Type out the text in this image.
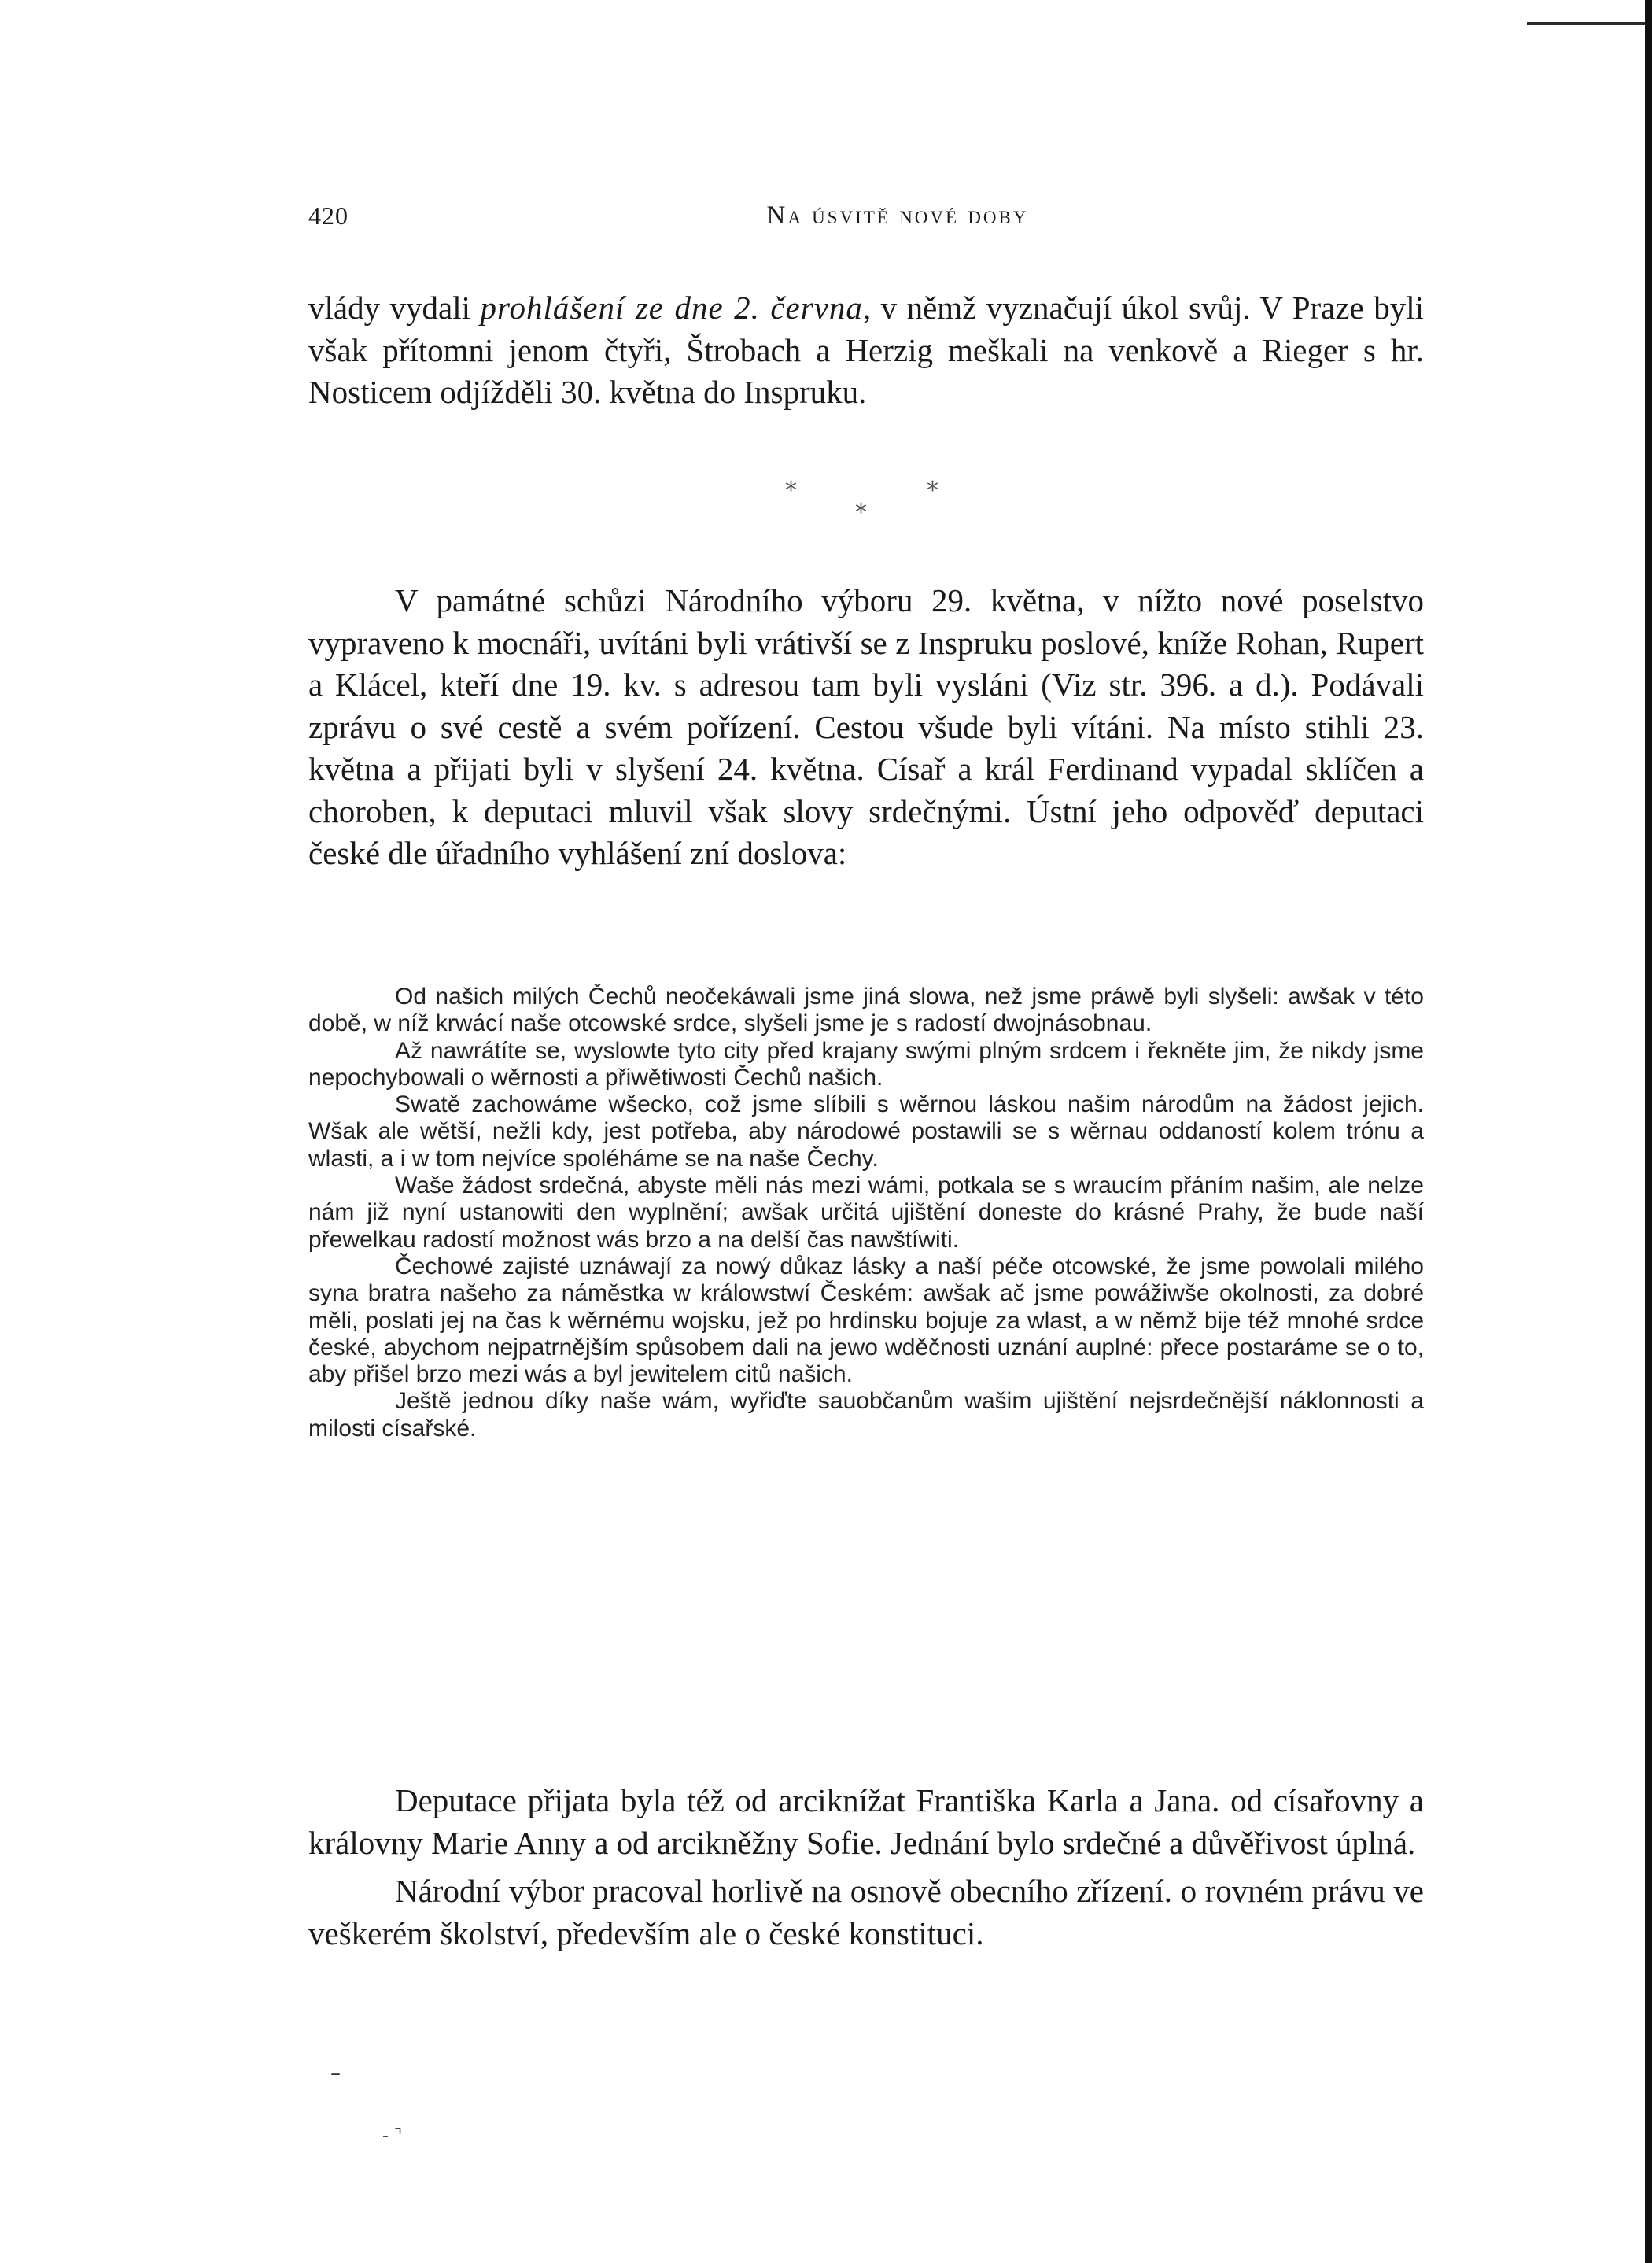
420	Na úsvitě nové doby

vlády vydali prohlášení ze dne 2. června, v němž vyznačují úkol svůj. V Praze byli však přítomni jenom čtyři, Štrobach a Herzig meškali na venkově a Rieger s hr. Nosticem odjížděli 30. května do Inspruku.

*	*
*

V památné schůzi Národního výboru 29. května, v nížto nové poselstvo vypraveno k mocnáři, uvítáni byli vrátivší se z Inspruku poslové, kníže Rohan, Rupert a Klácel, kteří dne 19. kv. s adresou tam byli vysláni (Viz str. 396. a d.). Podávali zprávu o své cestě a svém pořízení. Cestou všude byli vítáni. Na místo stihli 23. května a přijati byli v slyšení 24. května. Císař a král Ferdinand vypadal sklíčen a choroben, k deputaci mluvil však slovy srdečnými. Ústní jeho odpověď deputaci české dle úřadního vyhlášení zní doslova:

Od našich milých Čechů neočekáwali jsme jiná slowa, než jsme práwě byli slyšeli: awšak v této době, w níž krwácí naše otcowské srdce, slyšeli jsme je s radostí dwojnásobnau.

Až nawrátíte se, wyslowte tyto city před krajany swými plným srdcem i řekněte jim, že nikdy jsme nepochybowali o wěrnosti a přiwětiwosti Čechů našich.

Swatě zachowáme wšecko, což jsme slíbili s wěrnou láskou našim národům na žádost jejich. Wšak ale wětší, nežli kdy, jest potřeba, aby národowé postawili se s wěrnau oddaností kolem trónu a wlasti, a i w tom nejvíce spoléháme se na naše Čechy.

Waše žádost srdečná, abyste měli nás mezi wámi, potkala se s wraucím přáním našim, ale nelze nám již nyní ustanowiti den wyplnění; awšak určitá ujištění doneste do krásné Prahy, že bude naší přewelkau radostí možnost wás brzo a na delší čas nawštíwiti.

Čechowé zajisté uznáwají za nowý důkaz lásky a naší péče otcowské, že jsme powolali milého syna bratra našeho za náměstka w králowstwí Českém: awšak ač jsme powážiwše okolnosti, za dobré měli, poslati jej na čas k wěrnému wojsku, jež po hrdinsku bojuje za wlast, a w němž bije též mnohé srdce české, abychom nejpatrnějším spůsobem dali na jewo wděčnosti uznání auplné: přece postaráme se o to, aby přišel brzo mezi wás a byl jewitelem citů našich.

Ještě jednou díky naše wám, wyřiďte sauobčanům wašim ujištění nejsrdečnější náklonnosti a milosti císařské.

Deputace přijata byla též od arciknížat Františka Karla a Jana. od císařovny a královny Marie Anny a od arcikněžny Sofie. Jednání bylo srdečné a důvěřivost úplná.

Národní výbor pracoval horlivě na osnově obecního zřízení. o rovném právu ve veškerém školství, především ale o české konstituci.

–
- ⌝
